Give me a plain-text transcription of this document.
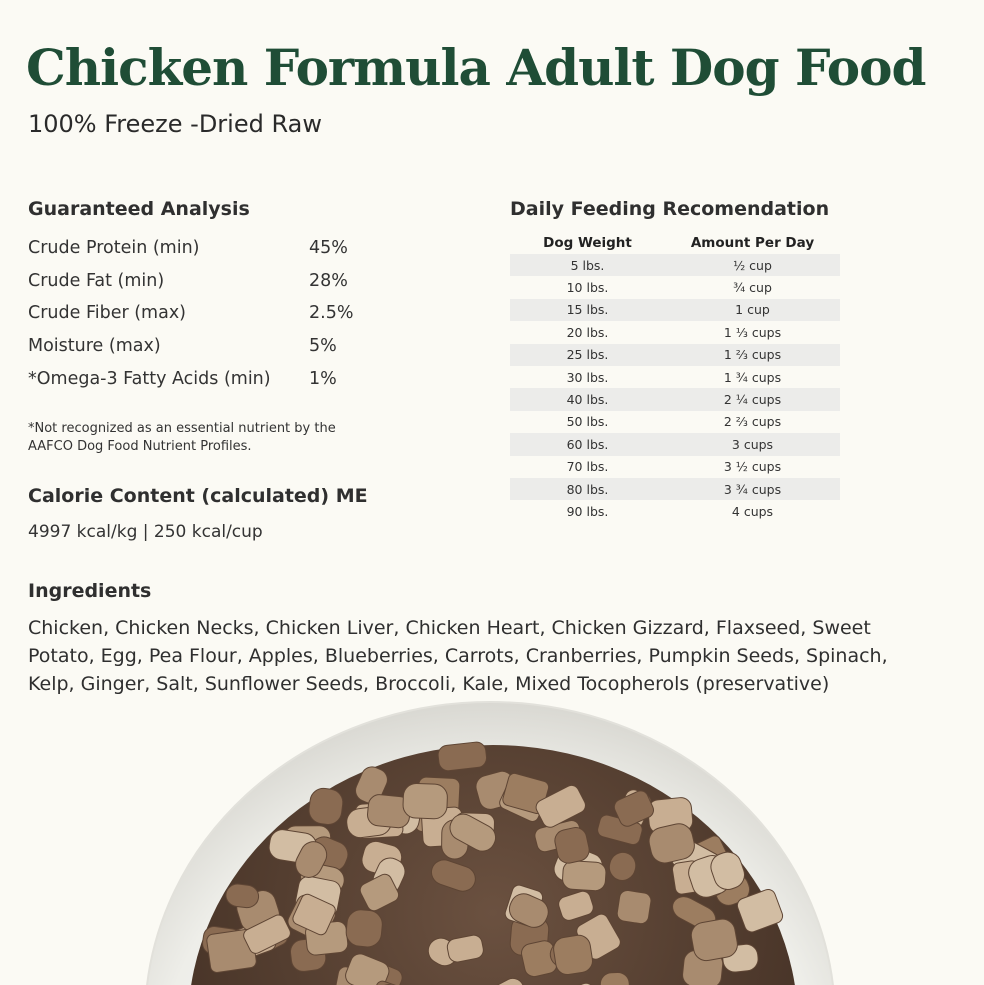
Chicken Formula Adult Dog Food

100% Freeze -Dried Raw

Guaranteed Analysis
Crude Protein (min)	45%
Crude Fat (min)	28%
Crude Fiber (max)	2.5%
Moisture (max)	5%
*Omega-3 Fatty Acids (min)	1%

*Not recognized as an essential nutrient by the AAFCO Dog Food Nutrient Profiles.

Calorie Content (calculated) ME
4997 kcal/kg | 250 kcal/cup
Daily Feeding Recomendation
Dog Weight	Amount Per Day
5 lbs.	½ cup
10 lbs.	¾ cup
15 lbs.	1 cup
20 lbs.	1 ⅓ cups
25 lbs.	1 ⅔ cups
30 lbs.	1 ¾ cups
40 lbs.	2 ¼ cups
50 lbs.	2 ⅔ cups
60 lbs.	3 cups
70 lbs.	3 ½ cups
80 lbs.	3 ¾ cups
90 lbs.	4 cups
Ingredients

Chicken, Chicken Necks, Chicken Liver, Chicken Heart, Chicken Gizzard, Flaxseed, Sweet Potato, Egg, Pea Flour, Apples, Blueberries, Carrots, Cranberries, Pumpkin Seeds, Spinach, Kelp, Ginger, Salt, Sunflower Seeds, Broccoli, Kale, Mixed Tocopherols (preservative)
